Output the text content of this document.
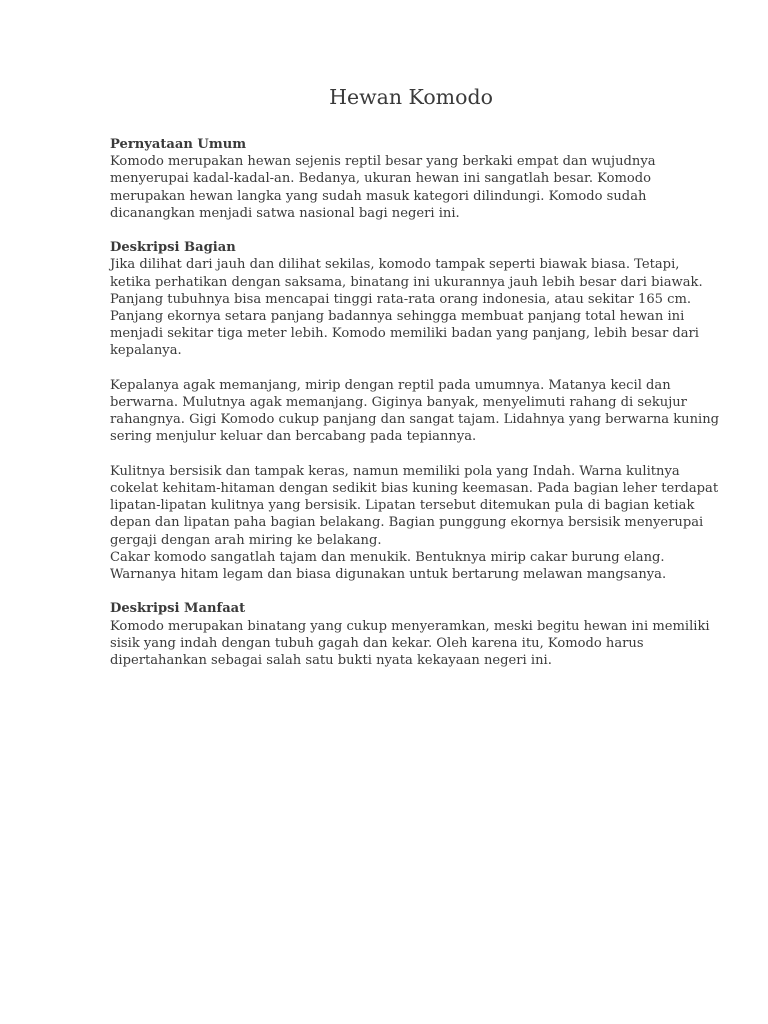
Hewan Komodo

Pernyataan Umum

Komodo merupakan hewan sejenis reptil besar yang berkaki empat dan wujudnya menyerupai kadal-kadal-an. Bedanya, ukuran hewan ini sangatlah besar. Komodo merupakan hewan langka yang sudah masuk kategori dilindungi. Komodo sudah dicanangkan menjadi satwa nasional bagi negeri ini.

Deskripsi Bagian

Jika dilihat dari jauh dan dilihat sekilas, komodo tampak seperti biawak biasa. Tetapi, ketika perhatikan dengan saksama, binatang ini ukurannya jauh lebih besar dari biawak. Panjang tubuhnya bisa mencapai tinggi rata-rata orang indonesia, atau sekitar 165 cm. Panjang ekornya setara panjang badannya sehingga membuat panjang total hewan ini menjadi sekitar tiga meter lebih. Komodo memiliki badan yang panjang, lebih besar dari kepalanya.

Kepalanya agak memanjang, mirip dengan reptil pada umumnya. Matanya kecil dan berwarna. Mulutnya agak memanjang. Giginya banyak, menyelimuti rahang di sekujur rahangnya. Gigi Komodo cukup panjang dan sangat tajam. Lidahnya yang berwarna kuning sering menjulur keluar dan bercabang pada tepiannya.

Kulitnya bersisik dan tampak keras, namun memiliki pola yang Indah. Warna kulitnya cokelat kehitam-hitaman dengan sedikit bias kuning keemasan. Pada bagian leher terdapat lipatan-lipatan kulitnya yang bersisik. Lipatan tersebut ditemukan pula di bagian ketiak depan dan lipatan paha bagian belakang. Bagian punggung ekornya bersisik menyerupai gergaji dengan arah miring ke belakang.

Cakar komodo sangatlah tajam dan menukik. Bentuknya mirip cakar burung elang. Warnanya hitam legam dan biasa digunakan untuk bertarung melawan mangsanya.

Deskripsi Manfaat

Komodo merupakan binatang yang cukup menyeramkan, meski begitu hewan ini memiliki sisik yang indah dengan tubuh gagah dan kekar. Oleh karena itu, Komodo harus dipertahankan sebagai salah satu bukti nyata kekayaan negeri ini.
